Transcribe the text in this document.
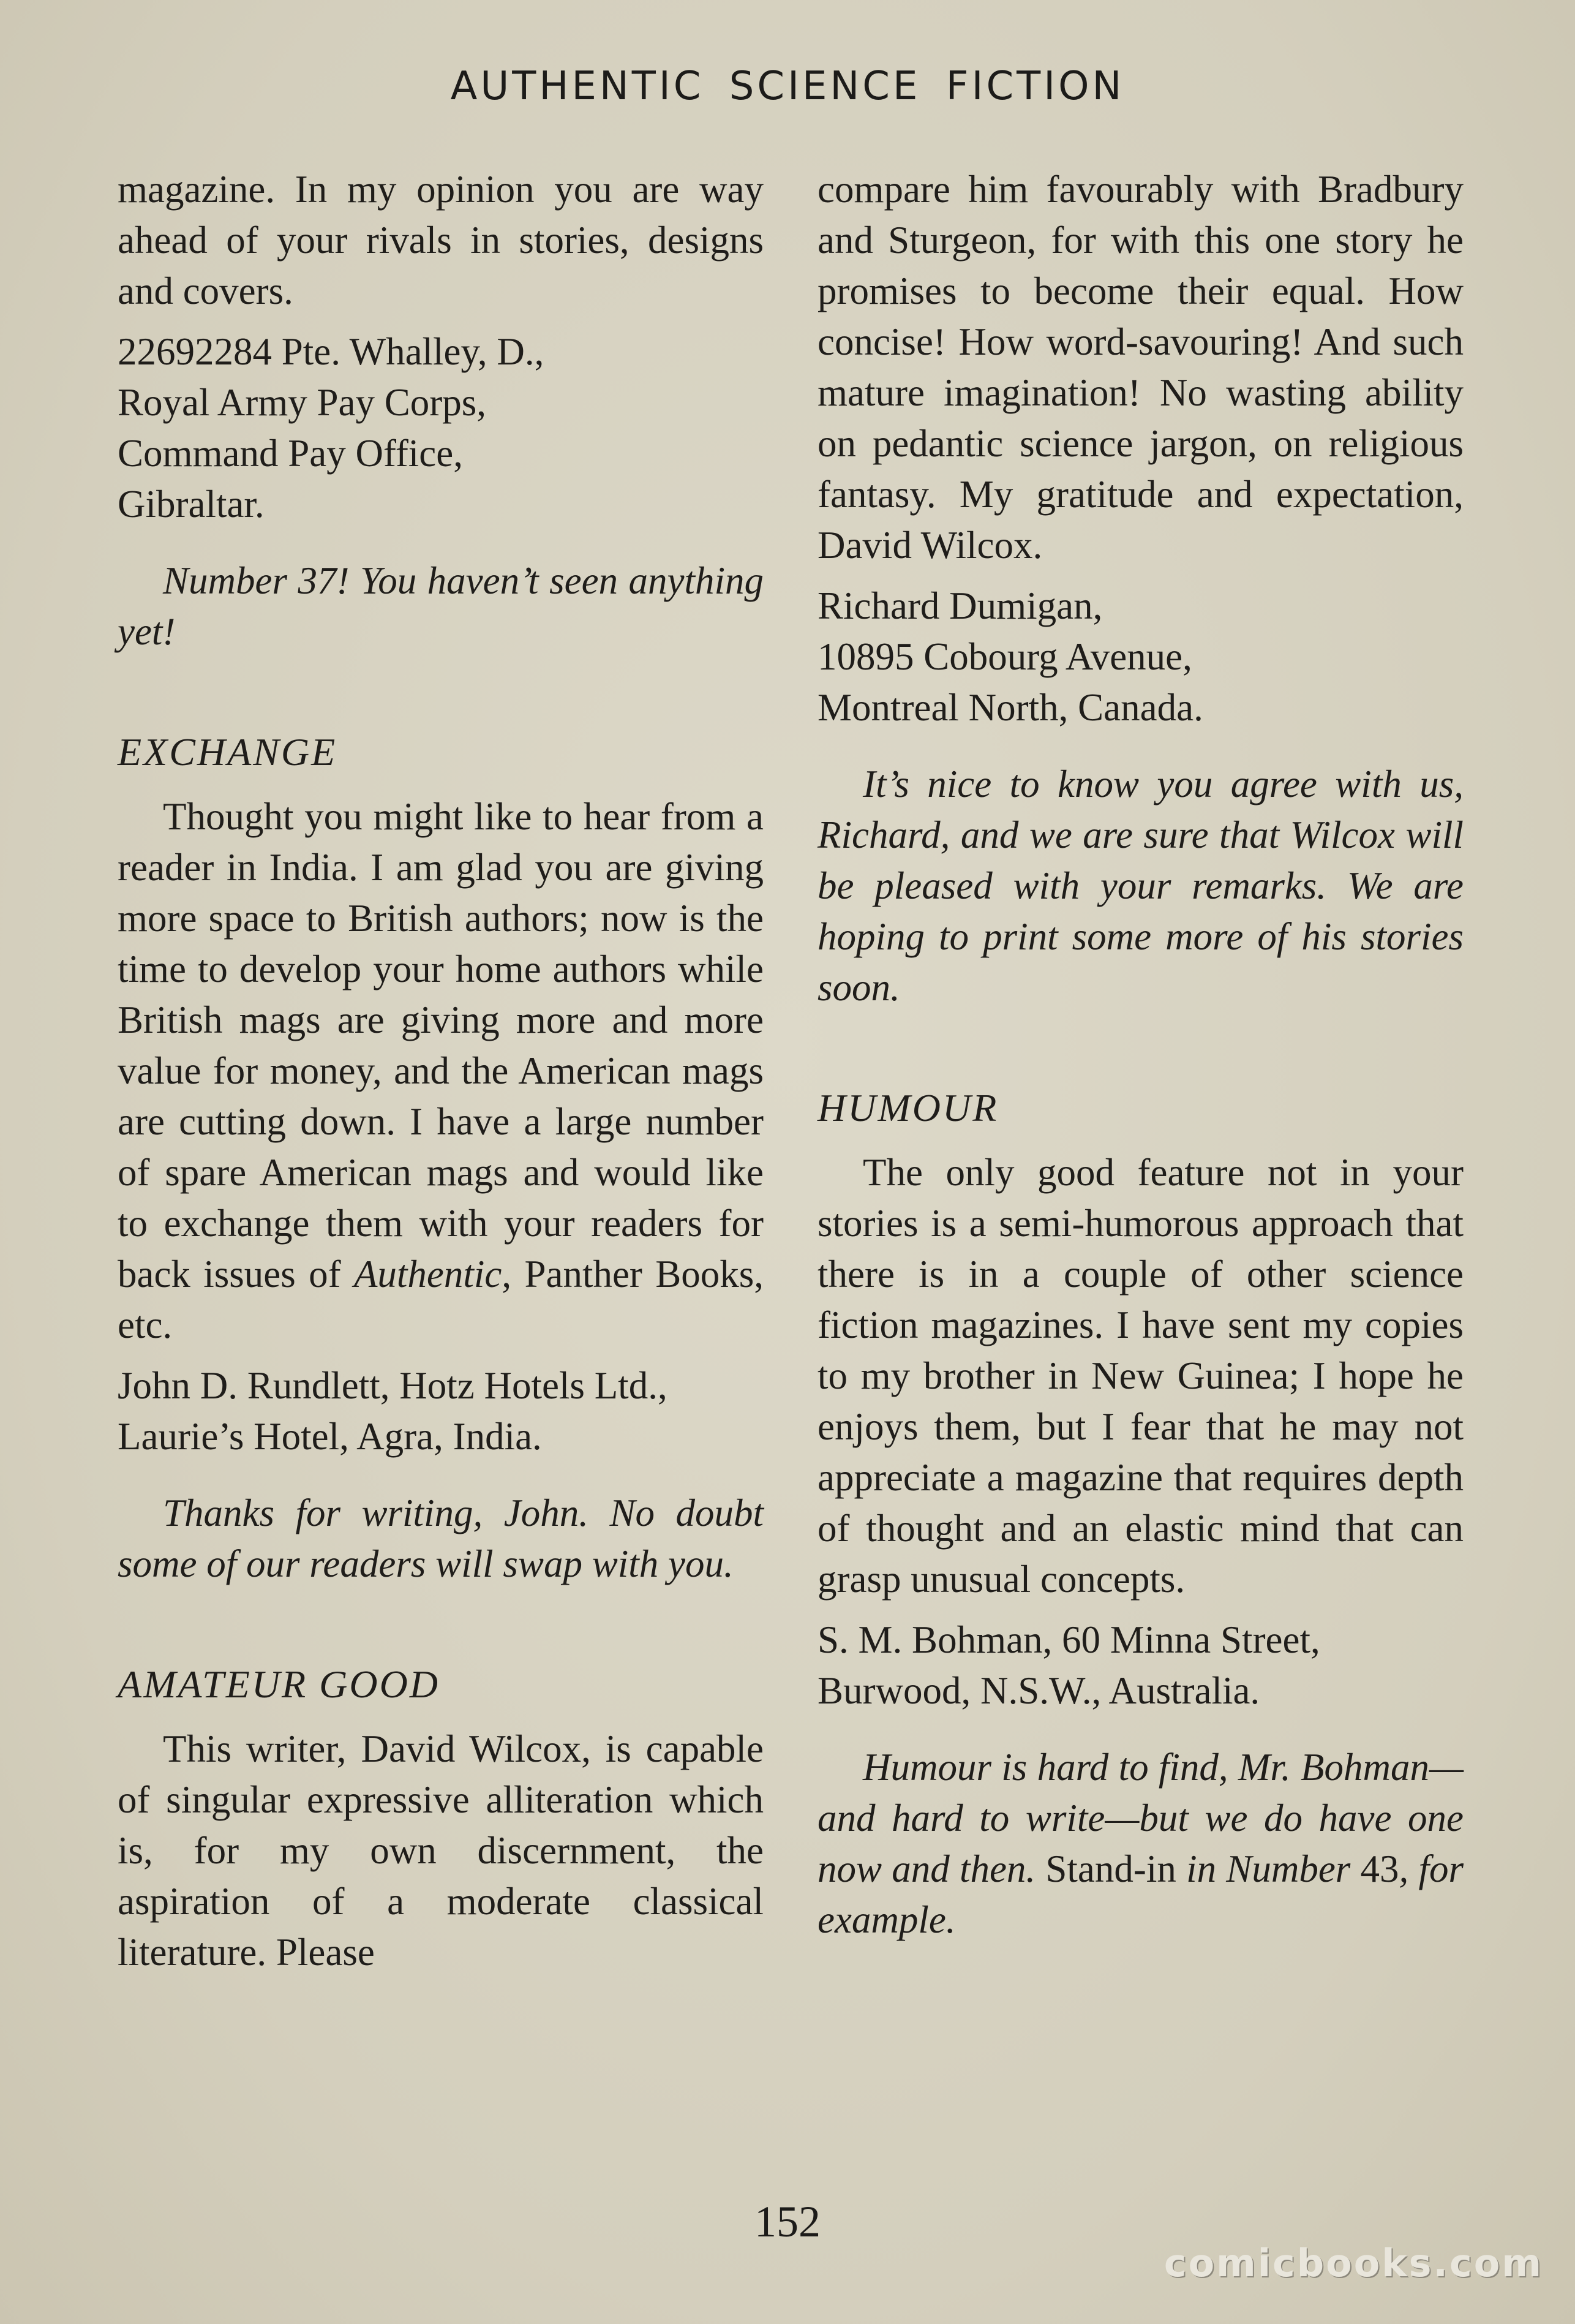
AUTHENTIC SCIENCE FICTION

magazine. In my opinion you are way ahead of your rivals in stories, designs and covers.

22692284 Pte. Whalley, D.,
Royal Army Pay Corps,
Command Pay Office,
Gibraltar.

Number 37! You haven’t seen anything yet!

EXCHANGE

Thought you might like to hear from a reader in India. I am glad you are giving more space to British authors; now is the time to develop your home authors while British mags are giving more and more value for money, and the American mags are cutting down. I have a large number of spare American mags and would like to exchange them with your readers for back issues of Authentic, Panther Books, etc.

John D. Rundlett, Hotz Hotels Ltd.,
Laurie’s Hotel, Agra, India.

Thanks for writing, John. No doubt some of our readers will swap with you.

AMATEUR GOOD

This writer, David Wilcox, is capable of singular expressive alliteration which is, for my own discernment, the aspiration of a moderate classical literature. Please

compare him favourably with Bradbury and Sturgeon, for with this one story he promises to become their equal. How concise! How word-savouring! And such mature imagination! No wasting ability on pedantic science jargon, on religious fantasy. My gratitude and expectation, David Wilcox.

Richard Dumigan,
10895 Cobourg Avenue,
Montreal North, Canada.

It’s nice to know you agree with us, Richard, and we are sure that Wilcox will be pleased with your remarks. We are hoping to print some more of his stories soon.

HUMOUR

The only good feature not in your stories is a semi-humorous approach that there is in a couple of other science fiction magazines. I have sent my copies to my brother in New Guinea; I hope he enjoys them, but I fear that he may not appreciate a magazine that requires depth of thought and an elastic mind that can grasp unusual concepts.

S. M. Bohman, 60 Minna Street,
Burwood, N.S.W., Australia.

Humour is hard to find, Mr. Bohman—and hard to write—but we do have one now and then. Stand-in in Number 43, for example.

152
comicbooks.com
